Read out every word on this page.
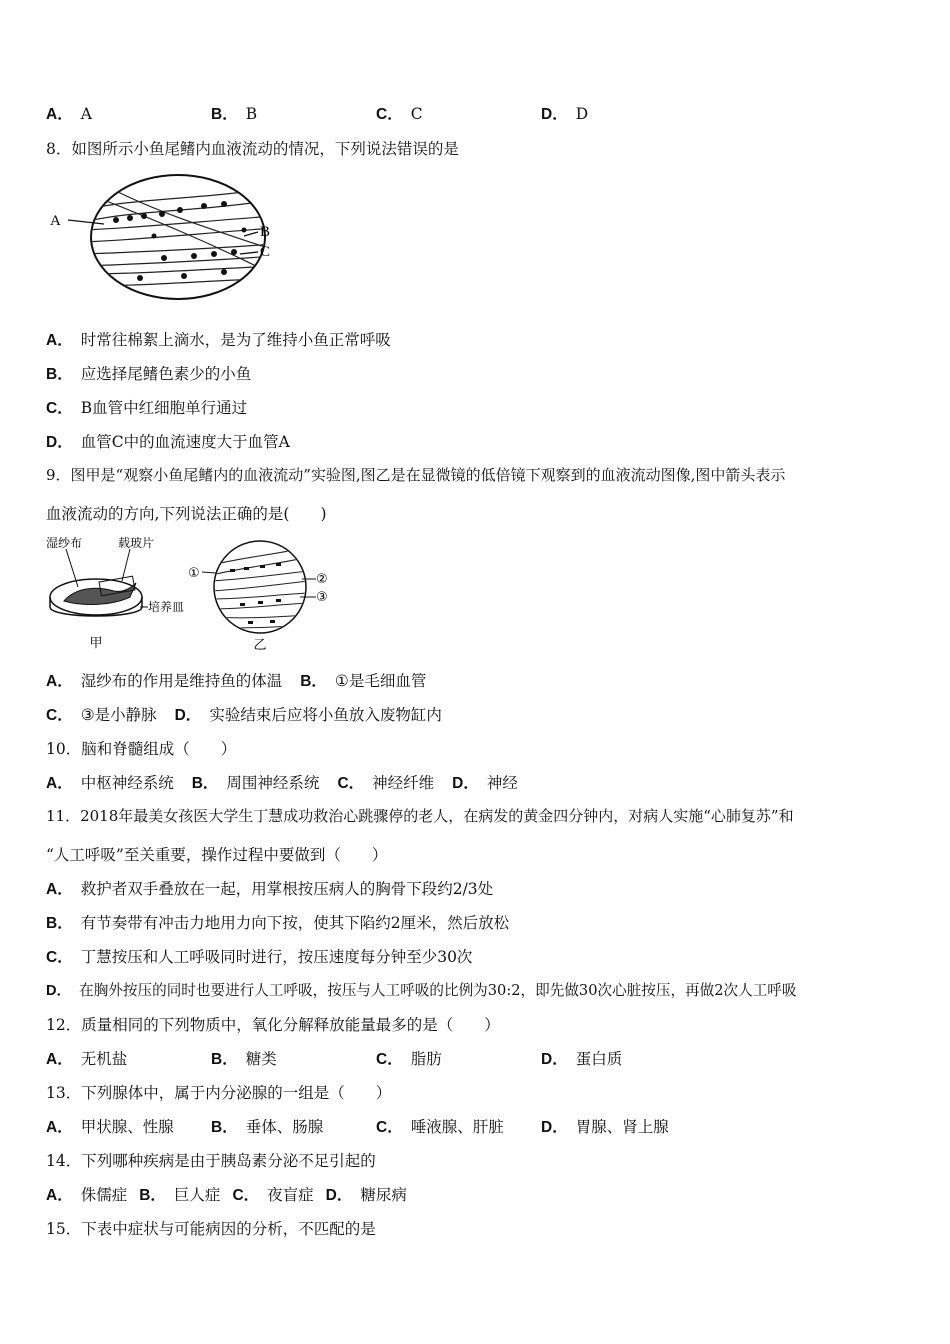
A． A	B． B	C． C	D． D
8．如图所示小鱼尾鳍内血液流动的情况，下列说法错误的是
A
B
C
A． 时常往棉絮上滴水，是为了维持小鱼正常呼吸
B． 应选择尾鳍色素少的小鱼
C． B血管中红细胞单行通过
D． 血管C中的血流速度大于血管A
9．图甲是“观察小鱼尾鳍内的血液流动”实验图,图乙是在显微镜的低倍镜下观察到的血液流动图像,图中箭头表示
血液流动的方向,下列说法正确的是(　　)
湿纱布	载玻片
培养皿
甲
①	②
③
乙
A． 湿纱布的作用是维持鱼的体温 B． ①是毛细血管
C． ③是小静脉 D． 实验结束后应将小鱼放入废物缸内
10．脑和脊髓组成（　　）
A． 中枢神经系统 B． 周围神经系统 C． 神经纤维 D． 神经
11．2018年最美女孩医大学生丁慧成功救治心跳骤停的老人，在病发的黄金四分钟内，对病人实施“心肺复苏”和
“人工呼吸”至关重要，操作过程中要做到（　　）
A． 救护者双手叠放在一起，用掌根按压病人的胸骨下段约2/3处
B． 有节奏带有冲击力地用力向下按，使其下陷约2厘米，然后放松
C． 丁慧按压和人工呼吸同时进行，按压速度每分钟至少30次
D． 在胸外按压的同时也要进行人工呼吸，按压与人工呼吸的比例为30:2，即先做30次心脏按压，再做2次人工呼吸
12．质量相同的下列物质中，氧化分解释放能量最多的是（　　）
A． 无机盐	B． 糖类	C． 脂肪	D． 蛋白质
13．下列腺体中，属于内分泌腺的一组是（　　）
A． 甲状腺、性腺 B． 垂体、肠腺	C． 唾液腺、肝脏 D． 胃腺、肾上腺
14．下列哪种疾病是由于胰岛素分泌不足引起的
A． 侏儒症 B． 巨人症 C． 夜盲症 D． 糖尿病
15．下表中症状与可能病因的分析，不匹配的是
